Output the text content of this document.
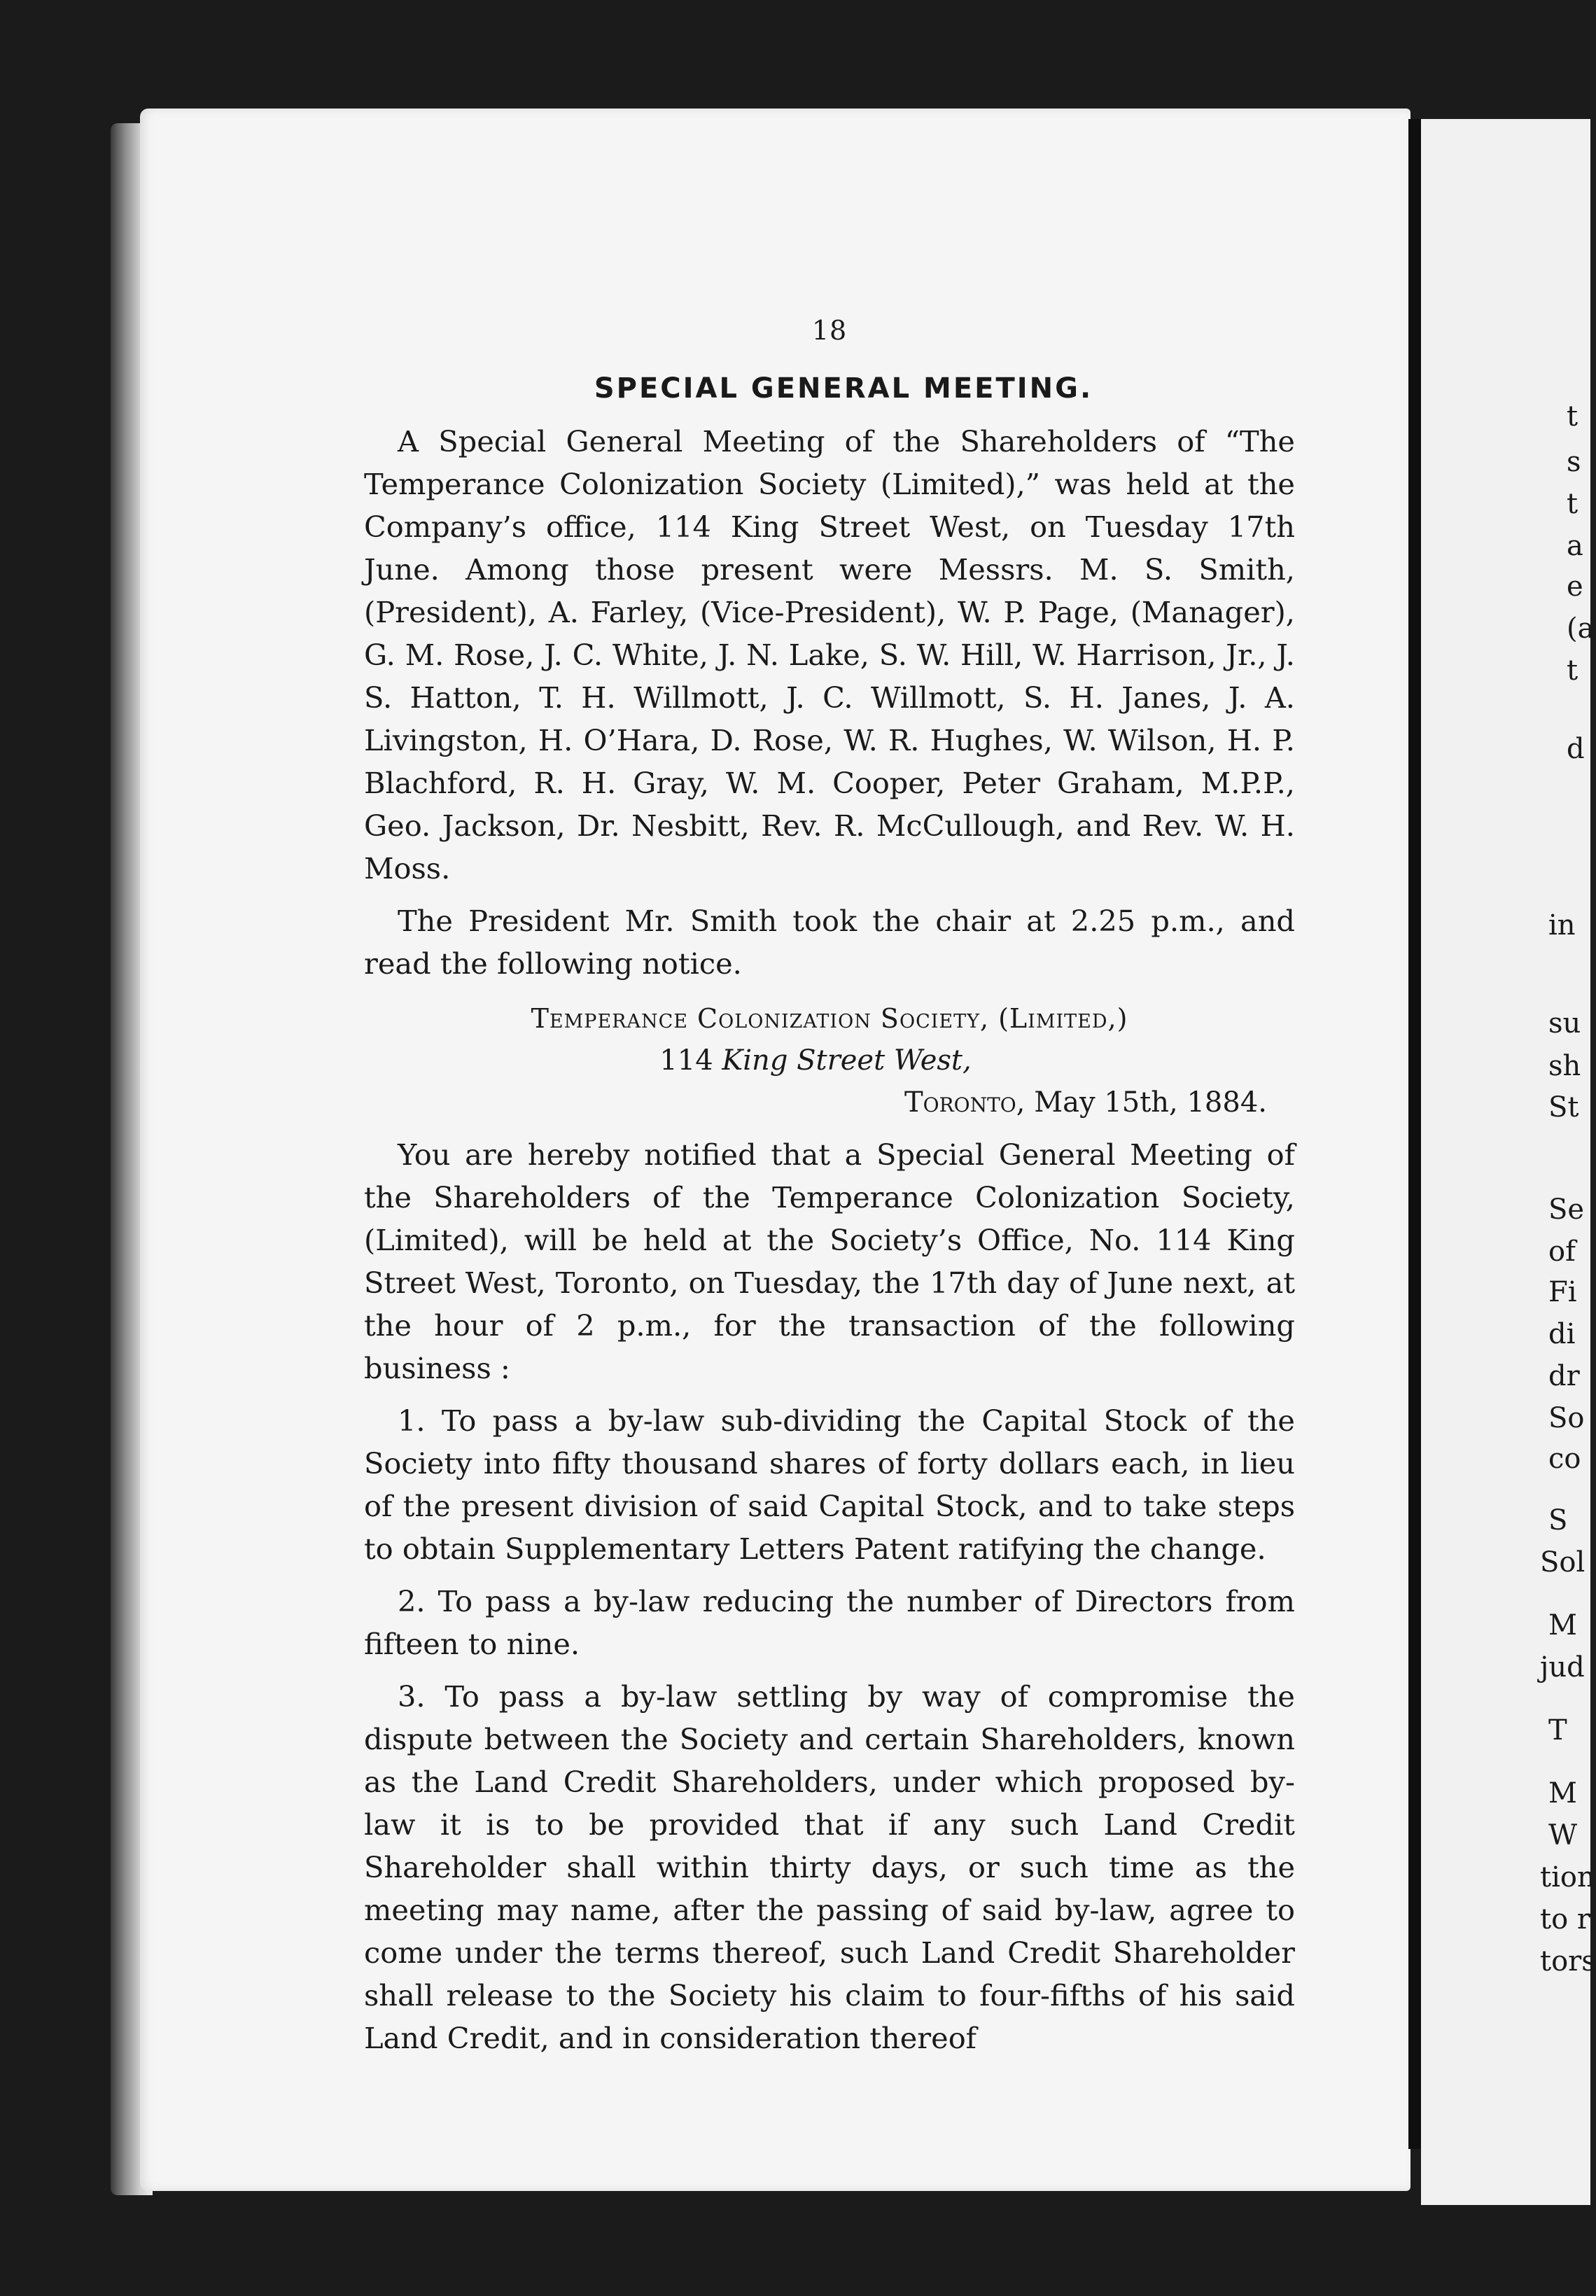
18
SPECIAL GENERAL MEETING.

A Special General Meeting of the Shareholders of “The Temperance Colonization Society (Limited),” was held at the Company’s office, 114 King Street West, on Tuesday 17th June. Among those present were Messrs. M. S. Smith, (President), A. Farley, (Vice-President), W. P. Page, (Manager), G. M. Rose, J. C. White, J. N. Lake, S. W. Hill, W. Harrison, Jr., J. S. Hatton, T. H. Willmott, J. C. Willmott, S. H. Janes, J. A. Livingston, H. O’Hara, D. Rose, W. R. Hughes, W. Wilson, H. P. Blachford, R. H. Gray, W. M. Cooper, Peter Graham, M.P.P., Geo. Jackson, Dr. Nesbitt, Rev. R. McCullough, and Rev. W. H. Moss.

The President Mr. Smith took the chair at 2.25 p.m., and read the following notice.

Temperance Colonization Society, (Limited,)
114 King Street West,
Toronto, May 15th, 1884.

You are hereby notified that a Special General Meeting of the Shareholders of the Temperance Colonization Society, (Limited), will be held at the Society’s Office, No. 114 King Street West, Toronto, on Tuesday, the 17th day of June next, at the hour of 2 p.m., for the transaction of the following business :

1. To pass a by-law sub-dividing the Capital Stock of the Society into fifty thousand shares of forty dollars each, in lieu of the present division of said Capital Stock, and to take steps to obtain Supplementary Letters Patent ratifying the change.

2. To pass a by-law reducing the number of Directors from fifteen to nine.

3. To pass a by-law settling by way of compromise the dispute between the Society and certain Shareholders, known as the Land Credit Shareholders, under which proposed by-law it is to be provided that if any such Land Credit Shareholder shall within thirty days, or such time as the meeting may name, after the passing of said by-law, agree to come under the terms thereof, such Land Credit Shareholder shall release to the Society his claim to four-fifths of his said Land Credit, and in consideration thereof

t
s
t
a
e
(a
t
d
in
su
sh
St
Se
of
Fi
di
dr
So
co
S
Sol
M
jud
T
M
W
tion
to r
tors
